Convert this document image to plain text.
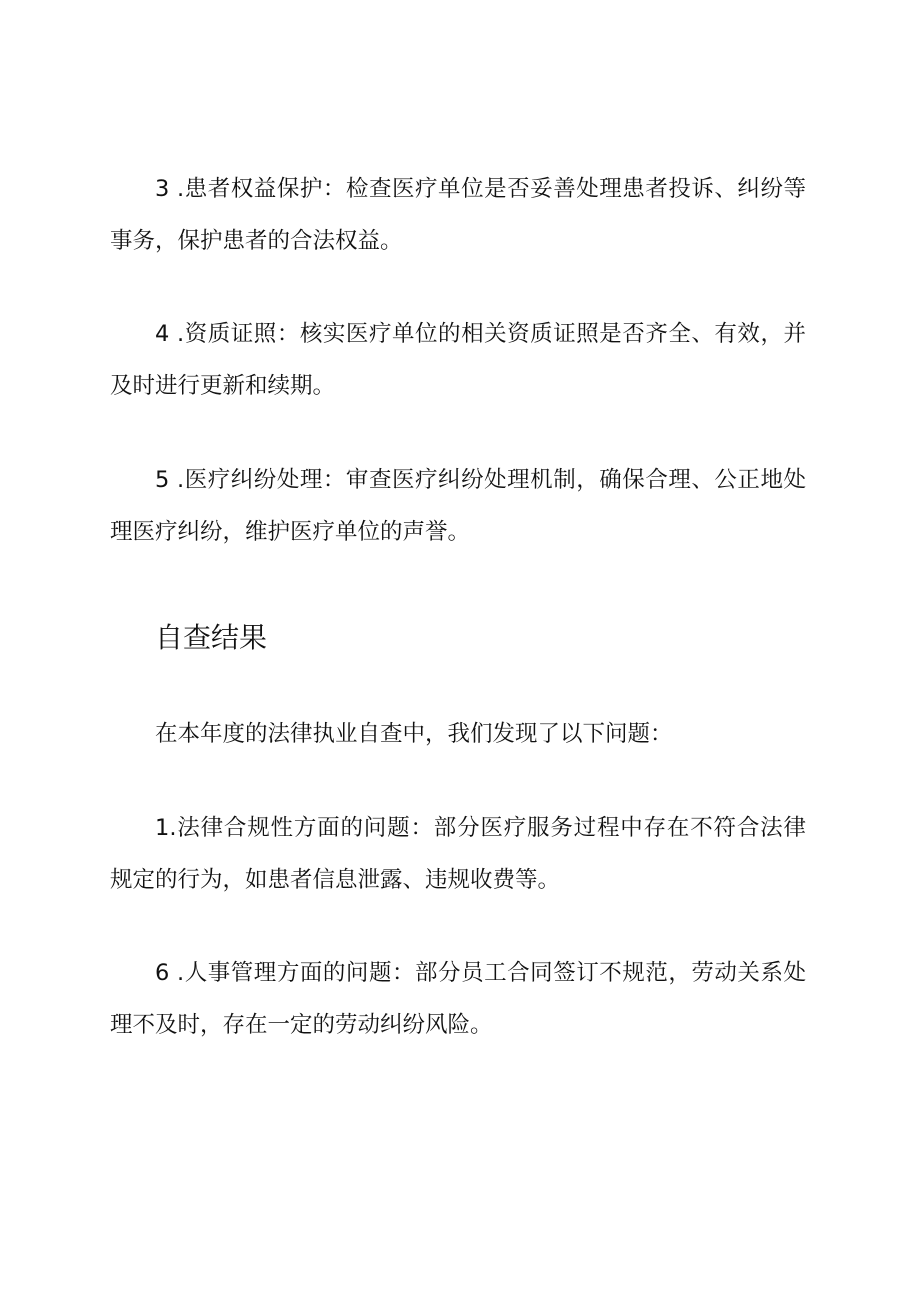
3 .患者权益保护：检查医疗单位是否妥善处理患者投诉、纠纷等事务，保护患者的合法权益。

4 .资质证照：核实医疗单位的相关资质证照是否齐全、有效，并及时进行更新和续期。

5 .医疗纠纷处理：审查医疗纠纷处理机制，确保合理、公正地处理医疗纠纷，维护医疗单位的声誉。

自查结果

在本年度的法律执业自查中，我们发现了以下问题：

1.法律合规性方面的问题：部分医疗服务过程中存在不符合法律规定的行为，如患者信息泄露、违规收费等。

6 .人事管理方面的问题：部分员工合同签订不规范，劳动关系处理不及时，存在一定的劳动纠纷风险。
